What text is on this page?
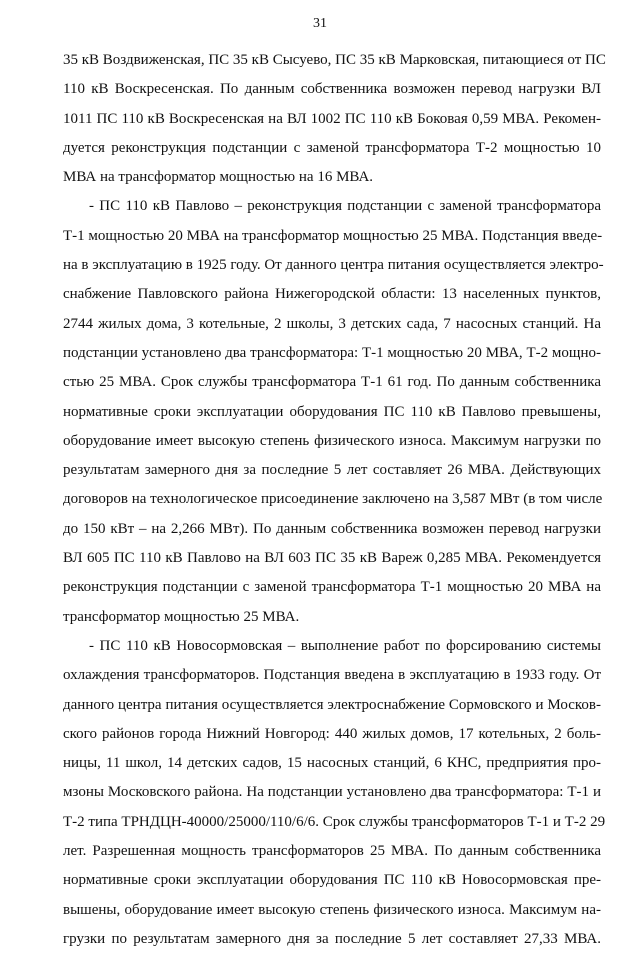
31
35 кВ Воздвиженская, ПС 35 кВ Сысуево, ПС 35 кВ Марковская, питающиеся от ПС
110 кВ Воскресенская. По данным собственника возможен перевод нагрузки ВЛ
1011 ПС 110 кВ Воскресенская на ВЛ 1002 ПС 110 кВ Боковая 0,59 МВА. Рекомен-
дуется реконструкция подстанции с заменой трансформатора Т-2 мощностью 10
МВА на трансформатор мощностью на 16 МВА.
- ПС 110 кВ Павлово – реконструкция подстанции с заменой трансформатора
Т-1 мощностью 20 МВА на трансформатор мощностью 25 МВА. Подстанция введе-
на в эксплуатацию в 1925 году. От данного центра питания осуществляется электро-
снабжение Павловского района Нижегородской области: 13 населенных пунктов,
2744 жилых дома, 3 котельные, 2 школы, 3 детских сада, 7 насосных станций. На
подстанции установлено два трансформатора: Т-1 мощностью 20 МВА, Т-2 мощно-
стью 25 МВА. Срок службы трансформатора Т-1 61 год. По данным собственника
нормативные сроки эксплуатации оборудования ПС 110 кВ Павлово превышены,
оборудование имеет высокую степень физического износа. Максимум нагрузки по
результатам замерного дня за последние 5 лет составляет 26 МВА. Действующих
договоров на технологическое присоединение заключено на 3,587 МВт (в том числе
до 150 кВт – на 2,266 МВт). По данным собственника возможен перевод нагрузки
ВЛ 605 ПС 110 кВ Павлово на ВЛ 603 ПС 35 кВ Вареж 0,285 МВА. Рекомендуется
реконструкция подстанции с заменой трансформатора Т-1 мощностью 20 МВА на
трансформатор мощностью 25 МВА.
- ПС 110 кВ Новосормовская – выполнение работ по форсированию системы
охлаждения трансформаторов. Подстанция введена в эксплуатацию в 1933 году. От
данного центра питания осуществляется электроснабжение Сормовского и Москов-
ского районов города Нижний Новгород: 440 жилых домов, 17 котельных, 2 боль-
ницы, 11 школ, 14 детских садов, 15 насосных станций, 6 КНС, предприятия про-
мзоны Московского района. На подстанции установлено два трансформатора: Т-1 и
Т-2 типа ТРНДЦН-40000/25000/110/6/6. Срок службы трансформаторов Т-1 и Т-2 29
лет. Разрешенная мощность трансформаторов 25 МВА. По данным собственника
нормативные сроки эксплуатации оборудования ПС 110 кВ Новосормовская пре-
вышены, оборудование имеет высокую степень физического износа. Максимум на-
грузки по результатам замерного дня за последние 5 лет составляет 27,33 МВА.
